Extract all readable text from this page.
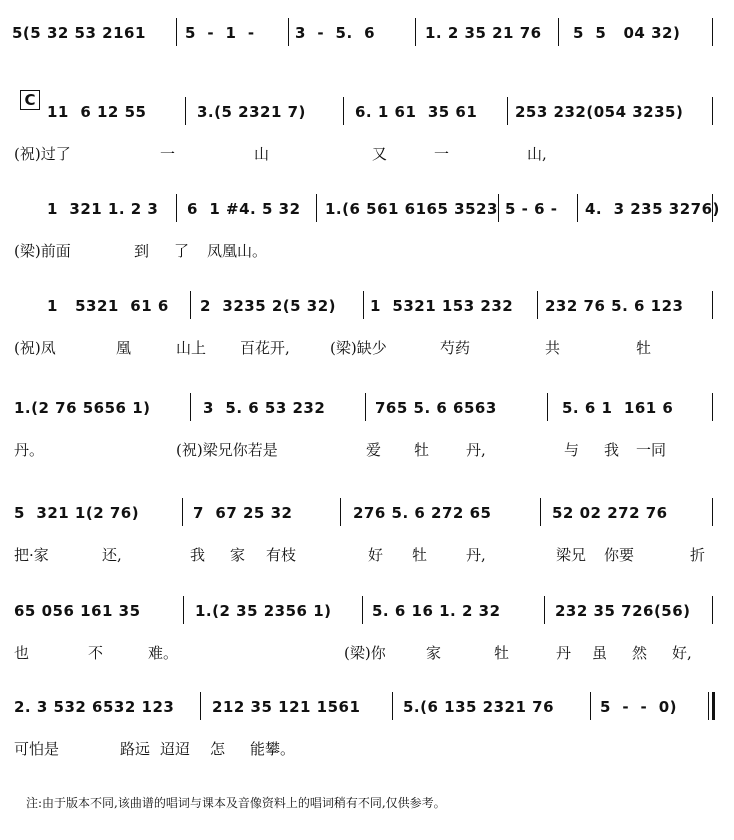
C
5(5 32 53 2161	5  -  1  -	3  -  5.  6	1. 2 35 21 76 5  5   04 32)
11  6 12 55	3.(5 2321 7)	6. 1 61  35 61	253 232(054 3235)
(祝)过了	一	山	又	一	山,
1  321 1. 2 3 6  1 #4. 5 32 1.(6 561 6165 3523 5 - 6 - 4.  3 235 3276)
(梁)前面	到 了 凤凰山。
1   5321  61 6 2  3235 2(5 32) 1  5321 153 232 232 76 5. 6 123
(祝)凤	凰	山上 百花开,	(梁)缺少	芍药	共	牡
1.(2 76 5656 1)	3  5. 6 53 232	765 5. 6 6563	5. 6 1  161 6
丹。	(祝)梁兄你若是	爱 牡 丹,	与 我 一同
5  321 1(2 76)	7  67 25 32	276 5. 6 272 65	52 02 272 76
把·家	还,	我 家 有枝	好 牡	丹,	梁兄 你要	折
65 056 161 35	1.(2 35 2356 1)	5. 6 16 1. 2 32	232 35 726(56)
也	不	难。	(梁)你	家	牡	丹 虽 然 好,
2. 3 532 6532 123	212 35 121 1561	5.(6 135 2321 76	5  -  -  0)
可怕是	路远 迢迢 怎 能攀。
注:由于版本不同,该曲谱的唱词与课本及音像资料上的唱词稍有不同,仅供参考。
